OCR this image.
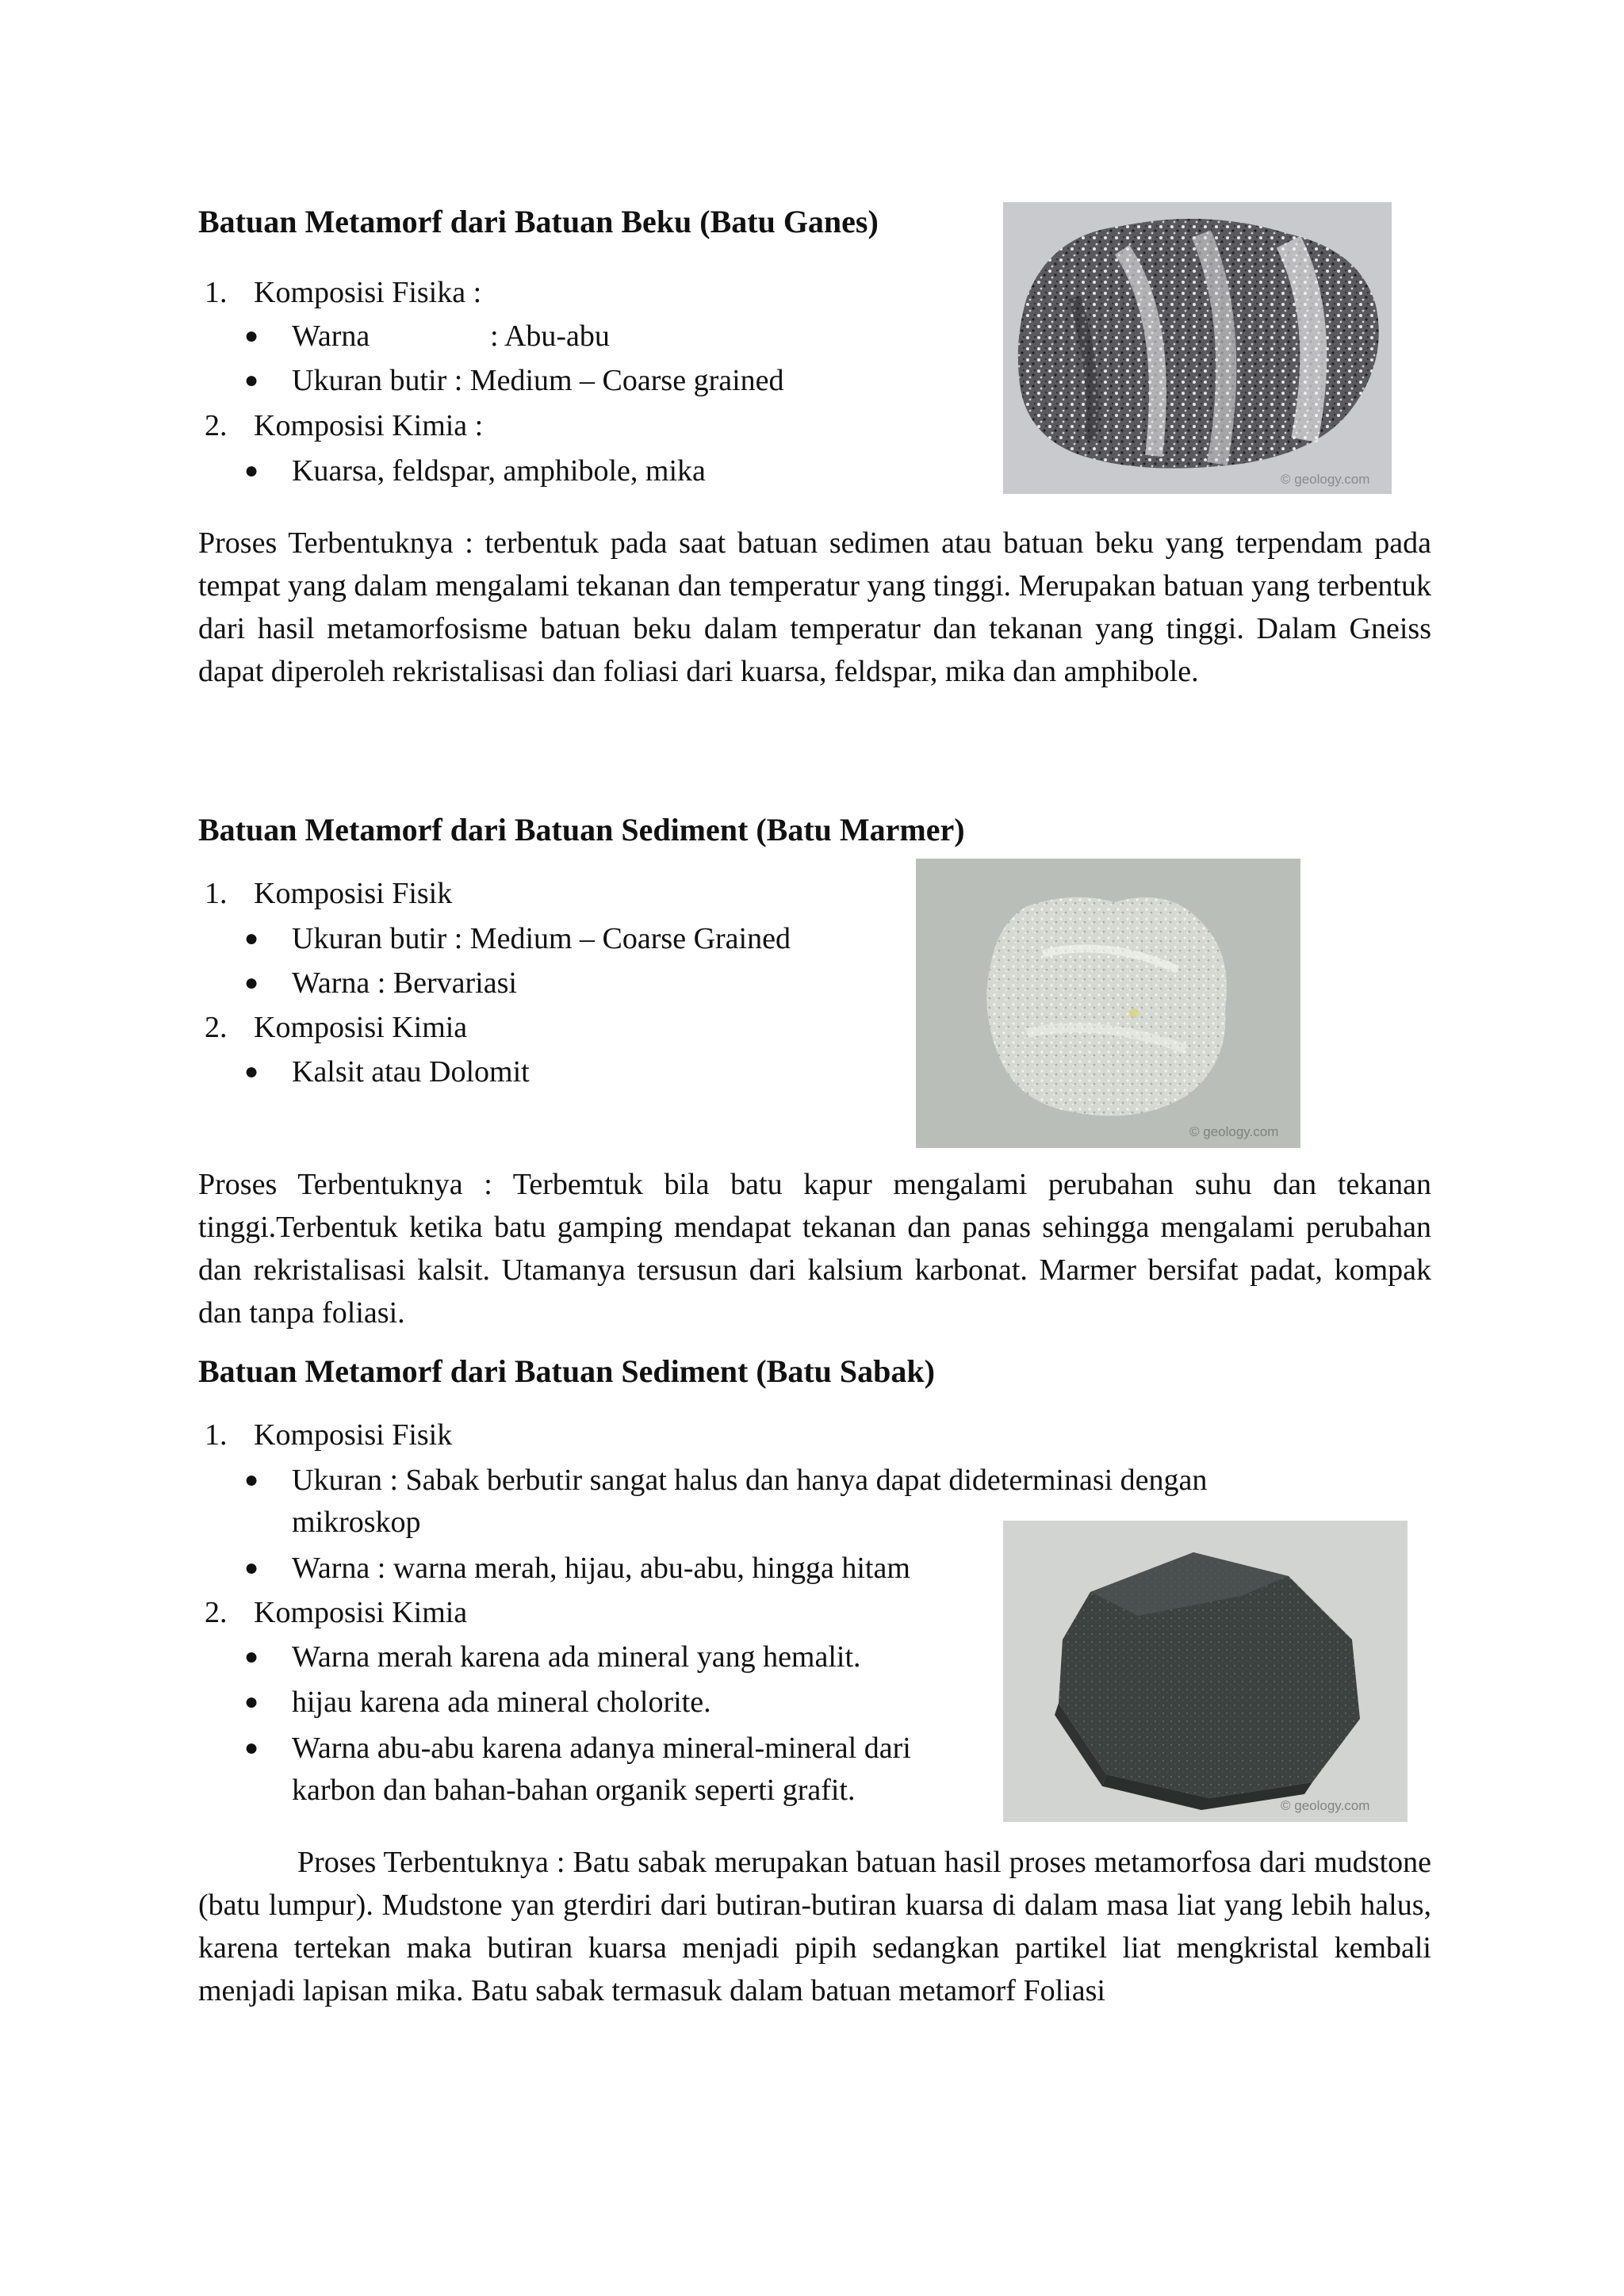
Batuan Metamorf dari Batuan Beku (Batu Ganes)
1. Komposisi Fisika :
● Warna	: Abu-abu
● Ukuran butir : Medium – Coarse grained
2. Komposisi Kimia :
● Kuarsa, feldspar, amphibole, mika	© geology.com
Proses Terbentuknya : terbentuk pada saat batuan sedimen atau batuan beku yang terpendam pada tempat yang dalam mengalami tekanan dan temperatur yang tinggi. Merupakan batuan yang terbentuk dari hasil metamorfosisme batuan beku dalam temperatur dan tekanan yang tinggi. Dalam Gneiss dapat diperoleh rekristalisasi dan foliasi dari kuarsa, feldspar, mika dan amphibole.
Batuan Metamorf dari Batuan Sediment (Batu Marmer)
1. Komposisi Fisik
● Ukuran butir : Medium – Coarse Grained
● Warna : Bervariasi
2. Komposisi Kimia
● Kalsit atau Dolomit
© geology.com
Proses Terbentuknya : Terbemtuk bila batu kapur mengalami perubahan suhu dan tekanan tinggi.Terbentuk ketika batu gamping mendapat tekanan dan panas sehingga mengalami perubahan dan rekristalisasi kalsit. Utamanya tersusun dari kalsium karbonat. Marmer bersifat padat, kompak dan tanpa foliasi.
Batuan Metamorf dari Batuan Sediment (Batu Sabak)
1. Komposisi Fisik
● Ukuran : Sabak berbutir sangat halus dan hanya dapat dideterminasi dengan
mikroskop
● Warna : warna merah, hijau, abu-abu, hingga hitam
2. Komposisi Kimia
● Warna merah karena ada mineral yang hemalit.
● hijau karena ada mineral cholorite.
● Warna abu-abu karena adanya mineral-mineral dari
karbon dan bahan-bahan organik seperti grafit.	© geology.com
Proses Terbentuknya : Batu sabak merupakan batuan hasil proses metamorfosa dari mudstone (batu lumpur). Mudstone yan gterdiri dari butiran-butiran kuarsa di dalam masa liat yang lebih halus, karena tertekan maka butiran kuarsa menjadi pipih sedangkan partikel liat mengkristal kembali menjadi lapisan mika. Batu sabak termasuk dalam batuan metamorf Foliasi
